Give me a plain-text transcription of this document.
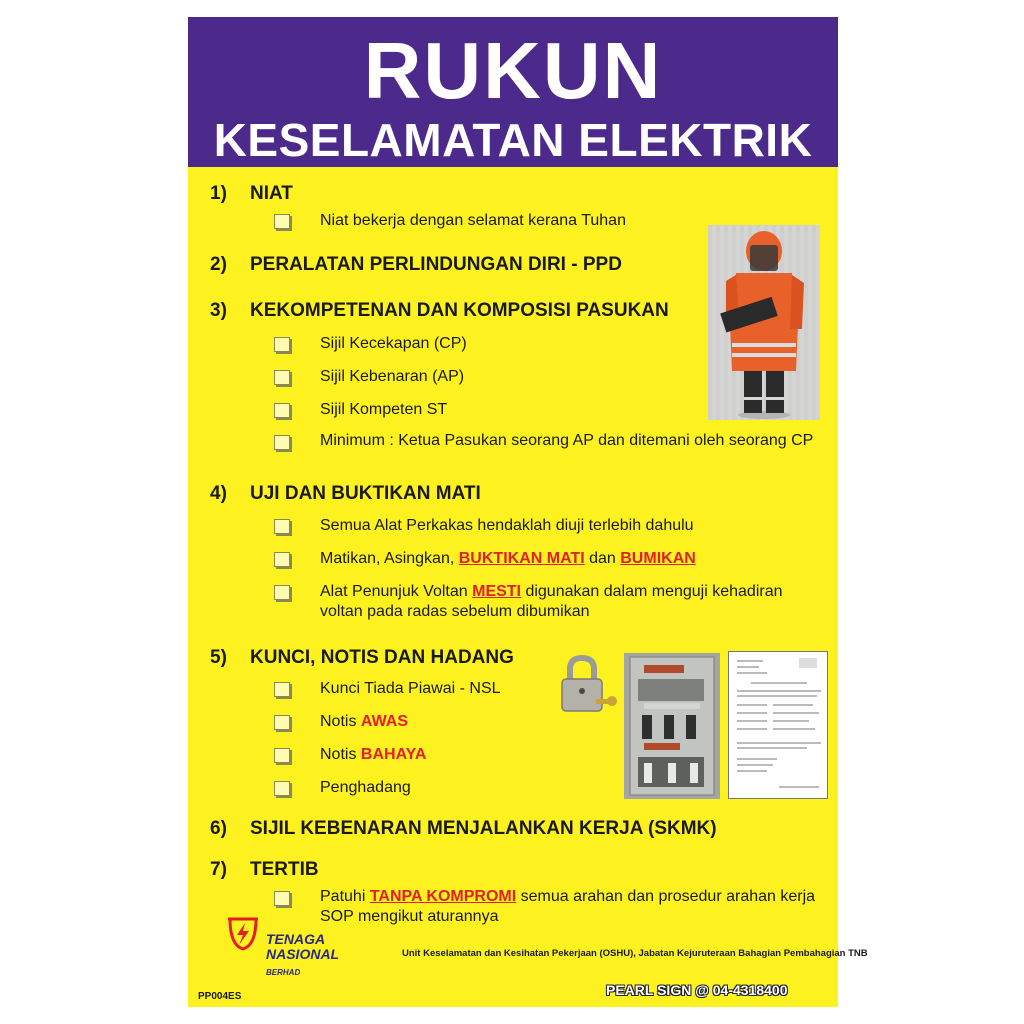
RUKUN
KESELAMATAN ELEKTRIK
1) NIAT
Niat bekerja dengan selamat kerana Tuhan
2) PERALATAN PERLINDUNGAN DIRI - PPD
3) KEKOMPETENAN DAN KOMPOSISI PASUKAN
Sijil Kecekapan (CP)
Sijil Kebenaran (AP)
Sijil Kompeten ST
Minimum : Ketua Pasukan seorang AP dan ditemani oleh seorang CP
4) UJI DAN BUKTIKAN MATI
Semua Alat Perkakas hendaklah diuji terlebih dahulu
Matikan, Asingkan, BUKTIKAN MATI dan BUMIKAN
Alat Penunjuk Voltan MESTI digunakan dalam menguji kehadiran voltan pada radas sebelum dibumikan
5) KUNCI, NOTIS DAN HADANG
Kunci Tiada Piawai - NSL
Notis AWAS
Notis BAHAYA
Penghadang
6) SIJIL KEBENARAN MENJALANKAN KERJA (SKMK)
7) TERTIB
Patuhi TANPA KOMPROMI semua arahan dan prosedur arahan kerja SOP mengikut aturannya
TENAGA
NASIONAL BERHAD
Unit Keselamatan dan Kesihatan Pekerjaan (OSHU), Jabatan Kejuruteraan Bahagian Pembahagian TNB
PP004ES	PEARL SIGN @ 04-4318400
